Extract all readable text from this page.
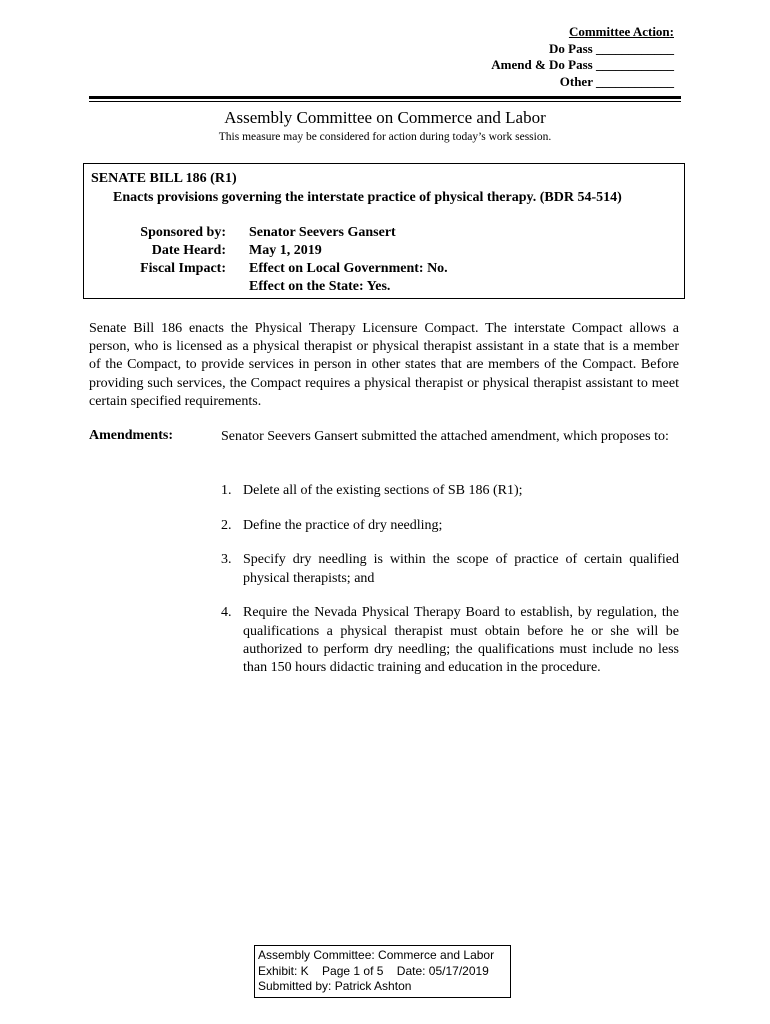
Committee Action:
Do Pass ____________
Amend & Do Pass ____________
Other ____________
Assembly Committee on Commerce and Labor
This measure may be considered for action during today’s work session.
SENATE BILL 186 (R1)
Enacts provisions governing the interstate practice of physical therapy. (BDR 54-514)
Sponsored by: Senator Seevers Gansert
Date Heard: May 1, 2019
Fiscal Impact: Effect on Local Government: No.
Effect on the State: Yes.
Senate Bill 186 enacts the Physical Therapy Licensure Compact. The interstate Compact allows a person, who is licensed as a physical therapist or physical therapist assistant in a state that is a member of the Compact, to provide services in person in other states that are members of the Compact. Before providing such services, the Compact requires a physical therapist or physical therapist assistant to meet certain specified requirements.
Amendments:	Senator Seevers Gansert submitted the attached amendment, which proposes to:
1. Delete all of the existing sections of SB 186 (R1);
2. Define the practice of dry needling;
3. Specify dry needling is within the scope of practice of certain qualified physical therapists; and
4. Require the Nevada Physical Therapy Board to establish, by regulation, the qualifications a physical therapist must obtain before he or she will be authorized to perform dry needling; the qualifications must include no less than 150 hours didactic training and education in the procedure.
Assembly Committee: Commerce and Labor
Exhibit: K Page 1 of 5 Date: 05/17/2019
Submitted by: Patrick Ashton
